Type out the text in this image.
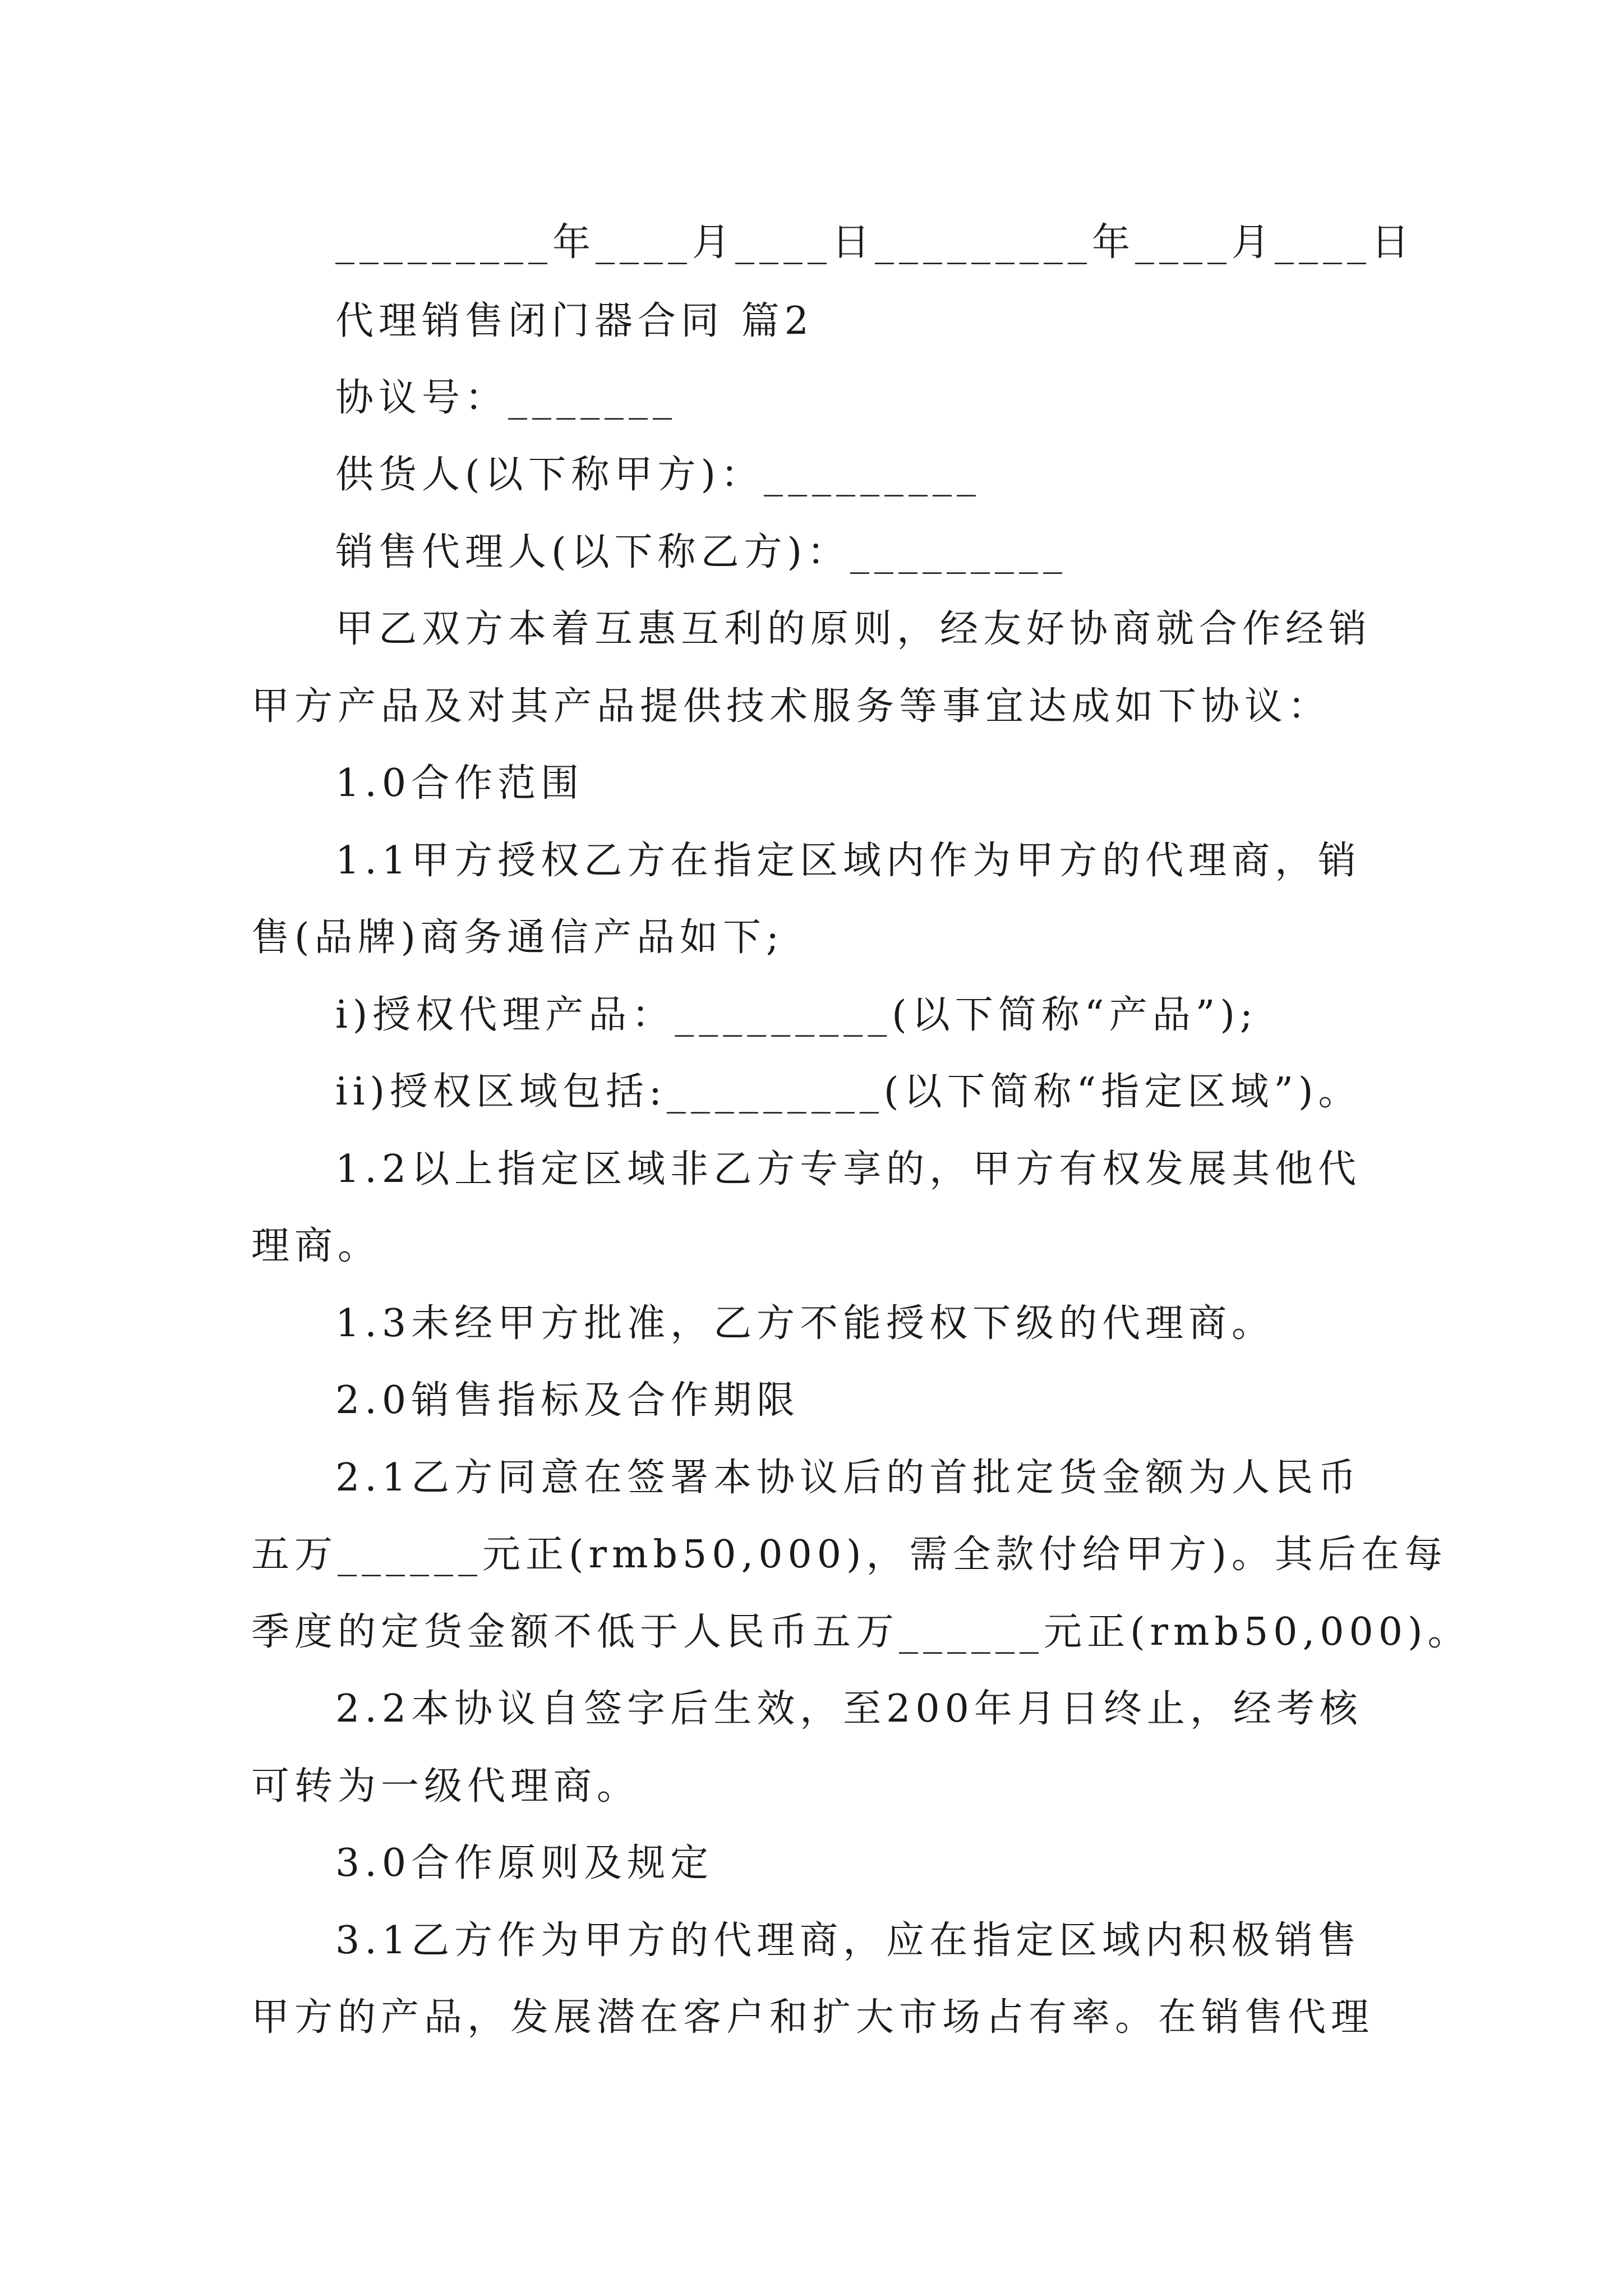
_________年____月____日_________年____月____日
代理销售闭门器合同 篇2
协议号：_______
供货人(以下称甲方)：_________
销售代理人(以下称乙方)：_________
甲乙双方本着互惠互利的原则，经友好协商就合作经销
甲方产品及对其产品提供技术服务等事宜达成如下协议：
1.0合作范围
1.1甲方授权乙方在指定区域内作为甲方的代理商，销
售(品牌)商务通信产品如下;
i)授权代理产品：_________(以下简称“产品”);
ii)授权区域包括:_________(以下简称“指定区域”)。
1.2以上指定区域非乙方专享的，甲方有权发展其他代
理商。
1.3未经甲方批准，乙方不能授权下级的代理商。
2.0销售指标及合作期限
2.1乙方同意在签署本协议后的首批定货金额为人民币
五万______元正(rmb50,000)，需全款付给甲方)。其后在每
季度的定货金额不低于人民币五万______元正(rmb50,000)。
2.2本协议自签字后生效，至200年月日终止，经考核
可转为一级代理商。
3.0合作原则及规定
3.1乙方作为甲方的代理商，应在指定区域内积极销售
甲方的产品，发展潜在客户和扩大市场占有率。在销售代理
